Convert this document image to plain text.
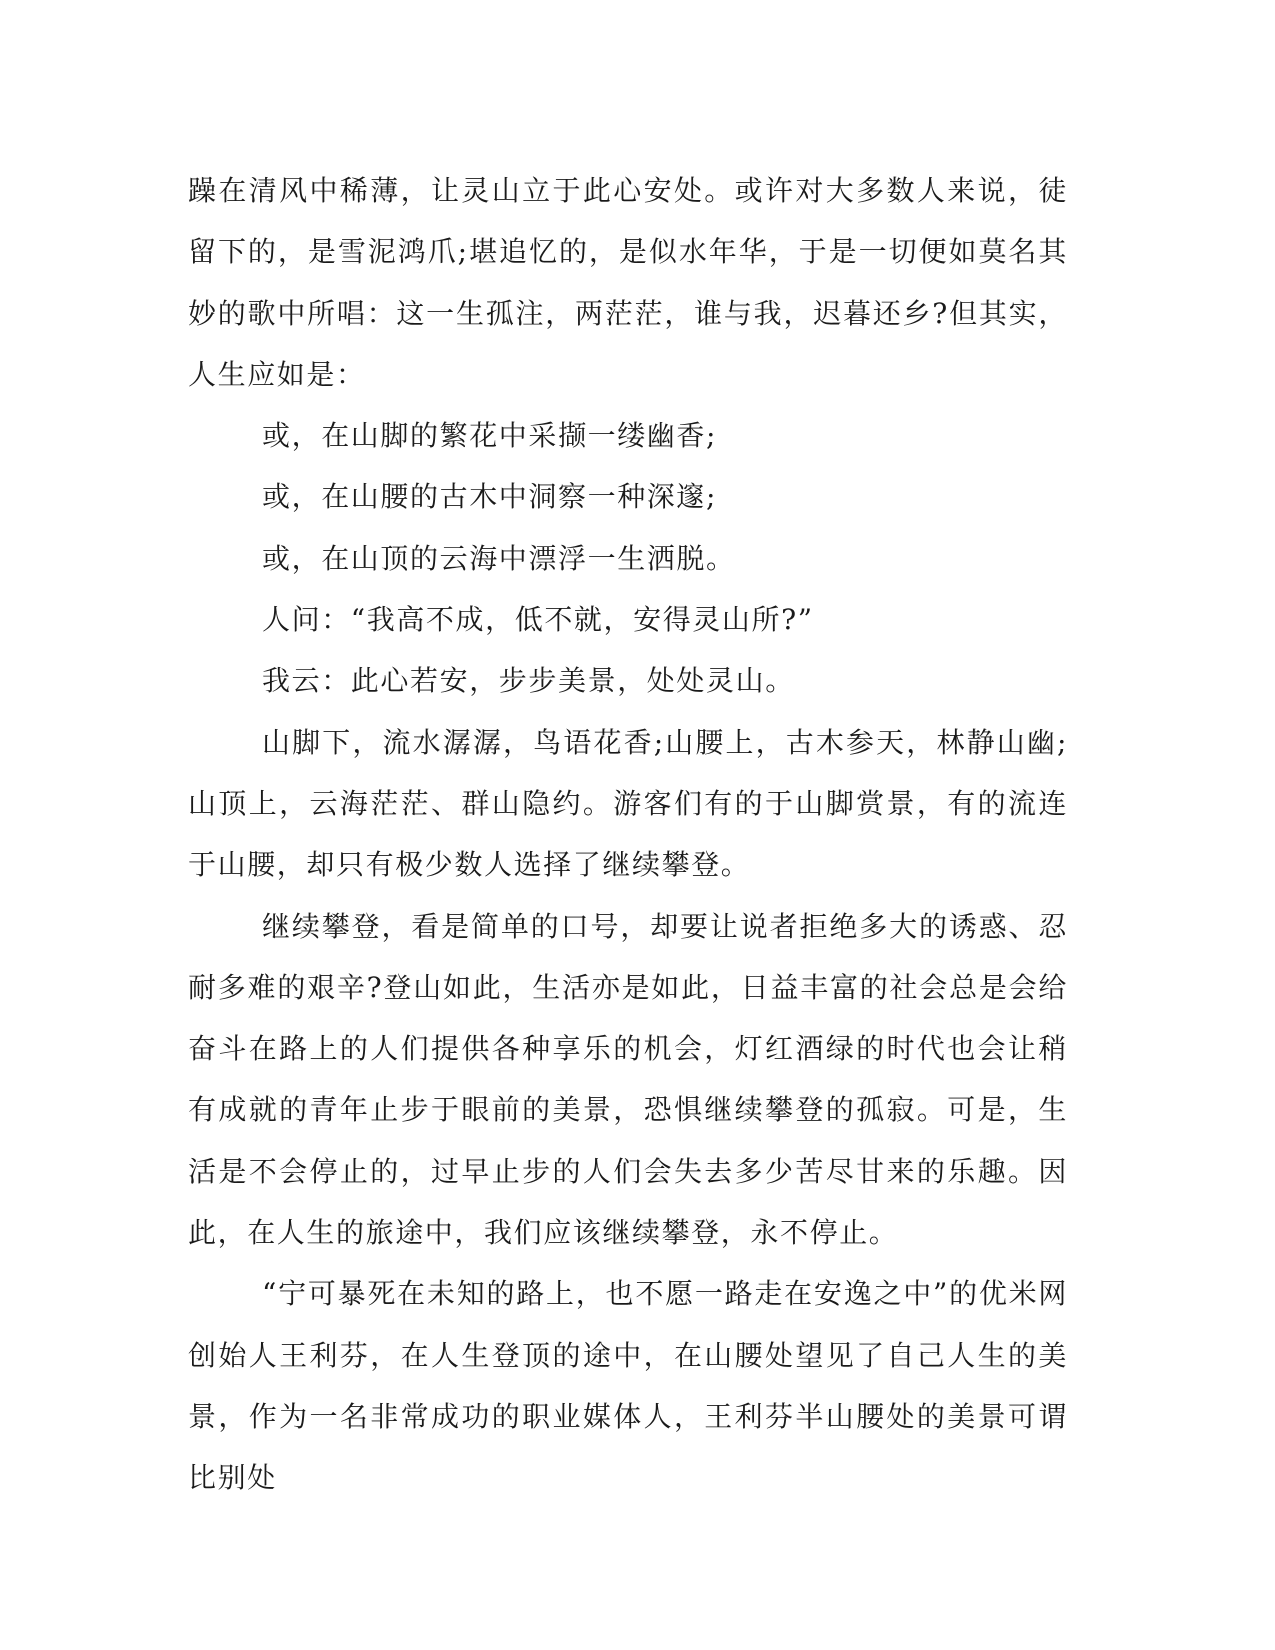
躁在清风中稀薄，让灵山立于此心安处。或许对大多数人来说，徒留下的，是雪泥鸿爪;堪追忆的，是似水年华，于是一切便如莫名其妙的歌中所唱：这一生孤注，两茫茫，谁与我，迟暮还乡?但其实，人生应如是：

或，在山脚的繁花中采撷一缕幽香;

或，在山腰的古木中洞察一种深邃;

或，在山顶的云海中漂浮一生洒脱。

人问：“我高不成，低不就，安得灵山所?”

我云：此心若安，步步美景，处处灵山。

山脚下，流水潺潺，鸟语花香;山腰上，古木参天，林静山幽;山顶上，云海茫茫、群山隐约。游客们有的于山脚赏景，有的流连于山腰，却只有极少数人选择了继续攀登。

继续攀登，看是简单的口号，却要让说者拒绝多大的诱惑、忍耐多难的艰辛?登山如此，生活亦是如此，日益丰富的社会总是会给奋斗在路上的人们提供各种享乐的机会，灯红酒绿的时代也会让稍有成就的青年止步于眼前的美景，恐惧继续攀登的孤寂。可是，生活是不会停止的，过早止步的人们会失去多少苦尽甘来的乐趣。因此，在人生的旅途中，我们应该继续攀登，永不停止。

“宁可暴死在未知的路上，也不愿一路走在安逸之中”的优米网创始人王利芬，在人生登顶的途中，在山腰处望见了自己人生的美景，作为一名非常成功的职业媒体人，王利芬半山腰处的美景可谓比别处
